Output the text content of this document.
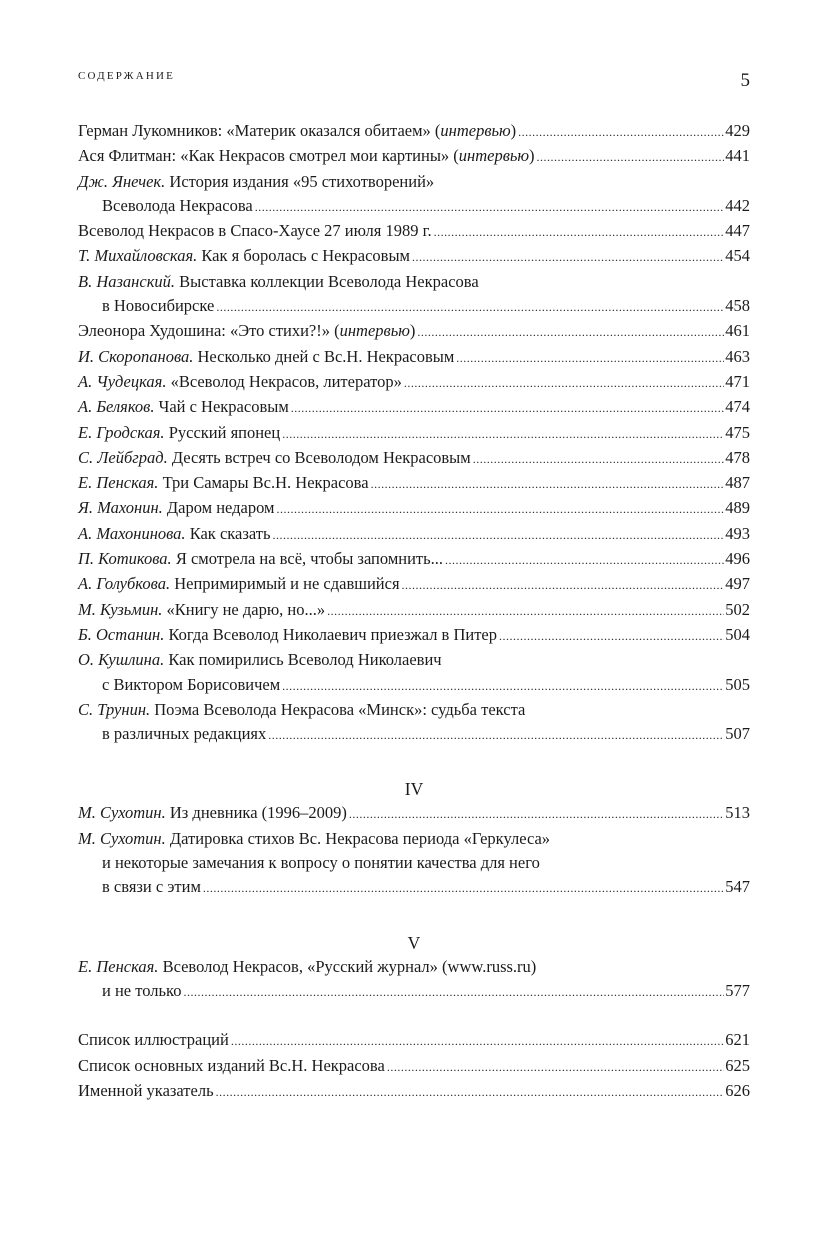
СОДЕРЖАНИЕ	5
Герман Лукомников: «Материк оказался обитаем» (интервью) .....	429
Ася Флитман: «Как Некрасов смотрел мои картины» (интервью) .....	441
Дж. Янечек. История издания «95 стихотворений»
Всеволода Некрасова .....	442
Всеволод Некрасов в Спасо-Хаусе 27 июля 1989 г. .....	447
Т. Михайловская. Как я боролась с Некрасовым .....	454
В. Назанский. Выставка коллекции Всеволода Некрасова
в Новосибирске .....	458
Элеонора Худошина: «Это стихи?!» (интервью) .....	461
И. Скоропанова. Несколько дней с Вс.Н. Некрасовым .....	463
А. Чудецкая. «Всеволод Некрасов, литератор» .....	471
А. Беляков. Чай с Некрасовым .....	474
Е. Гродская. Русский японец .....	475
С. Лейбград. Десять встреч со Всеволодом Некрасовым .....	478
Е. Пенская. Три Самары Вс.Н. Некрасова .....	487
Я. Махонин. Даром недаром .....	489
А. Махонинова. Как сказать .....	493
П. Котикова. Я смотрела на всё, чтобы запомнить... .....	496
А. Голубкова. Непримиримый и не сдавшийся .....	497
М. Кузьмин. «Книгу не дарю, но...» .....	502
Б. Останин. Когда Всеволод Николаевич приезжал в Питер .....	504
О. Кушлина. Как помирились Всеволод Николаевич
с Виктором Борисовичем .....	505
С. Трунин. Поэма Всеволода Некрасова «Минск»: судьба текста
в различных редакциях .....	507
IV
М. Сухотин. Из дневника (1996–2009) .....	513
М. Сухотин. Датировка стихов Вс. Некрасова периода «Геркулеса»
и некоторые замечания к вопросу о понятии качества для него
в связи с этим .....	547
V
Е. Пенская. Всеволод Некрасов, «Русский журнал» (www.russ.ru)
и не только .....	577
Список иллюстраций .....	621
Список основных изданий Вс.Н. Некрасова .....	625
Именной указатель .....	626
